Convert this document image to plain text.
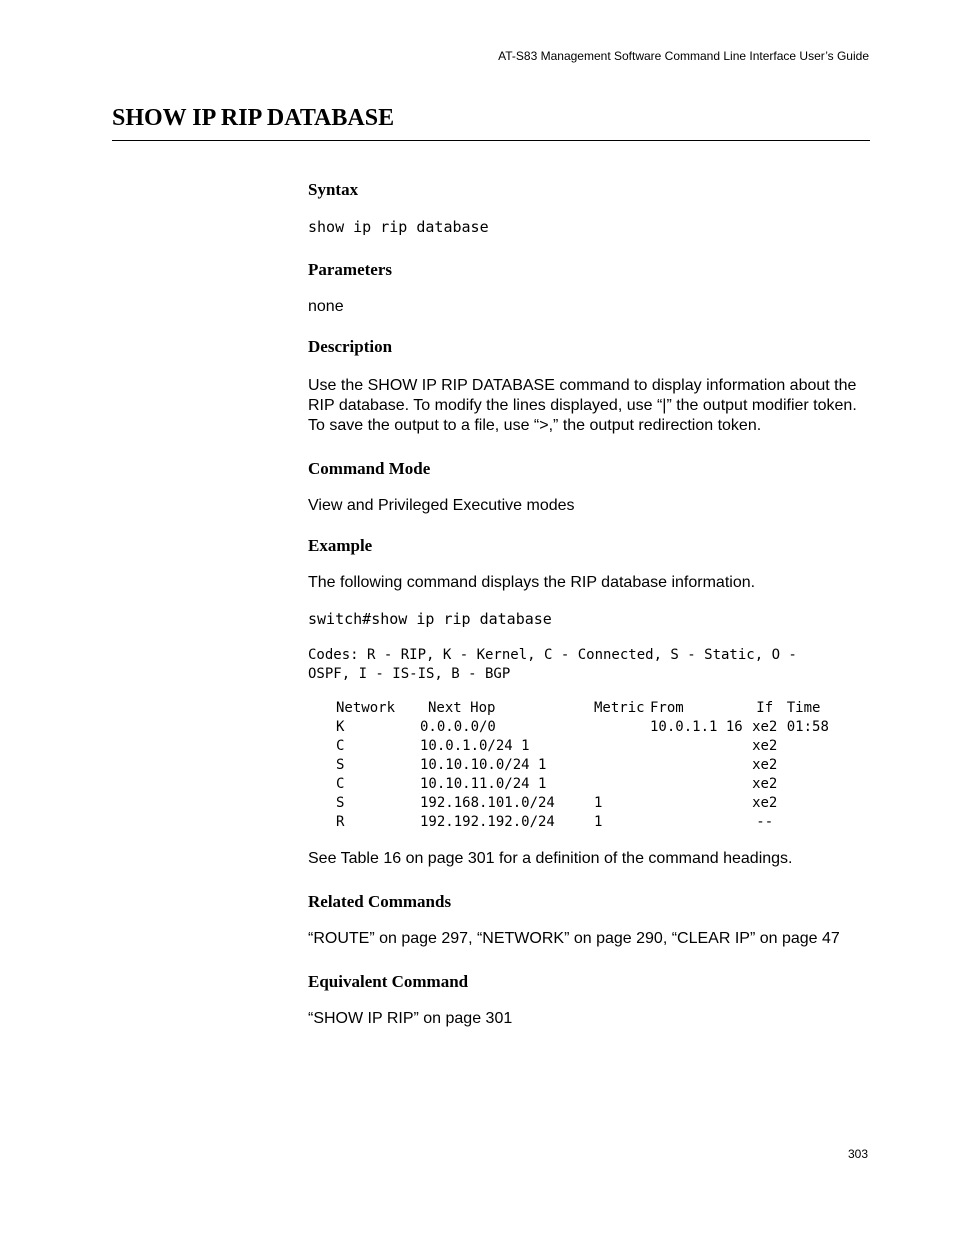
AT-S83 Management Software Command Line Interface User’s Guide
SHOW IP RIP DATABASE
Syntax

show ip rip database

Parameters

none

Description

Use the SHOW IP RIP DATABASE command to display information about the RIP database. To modify the lines displayed, use “|” the output modifier token. To save the output to a file, use “>,” the output redirection token.

Command Mode

View and Privileged Executive modes

Example

The following command displays the RIP database information.

switch#show ip rip database

Codes: R - RIP, K - Kernel, C - Connected, S - Static, O -

OSPF, I - IS-IS, B - BGP

Network	Next Hop	Metric	From	If	Time
K	0.0.0.0/0		10.0.1.1 16	xe2	01:58
C	10.0.1.0/24 1			xe2	
S	10.10.10.0/24 1			xe2	
C	10.10.11.0/24 1			xe2	
S	192.168.101.0/24	1		xe2	
R	192.192.192.0/24	1		--	

See Table 16 on page 301 for a definition of the command headings.

Related Commands

“ROUTE” on page 297, “NETWORK” on page 290, “CLEAR IP” on page 47

Equivalent Command

“SHOW IP RIP” on page 301

303
